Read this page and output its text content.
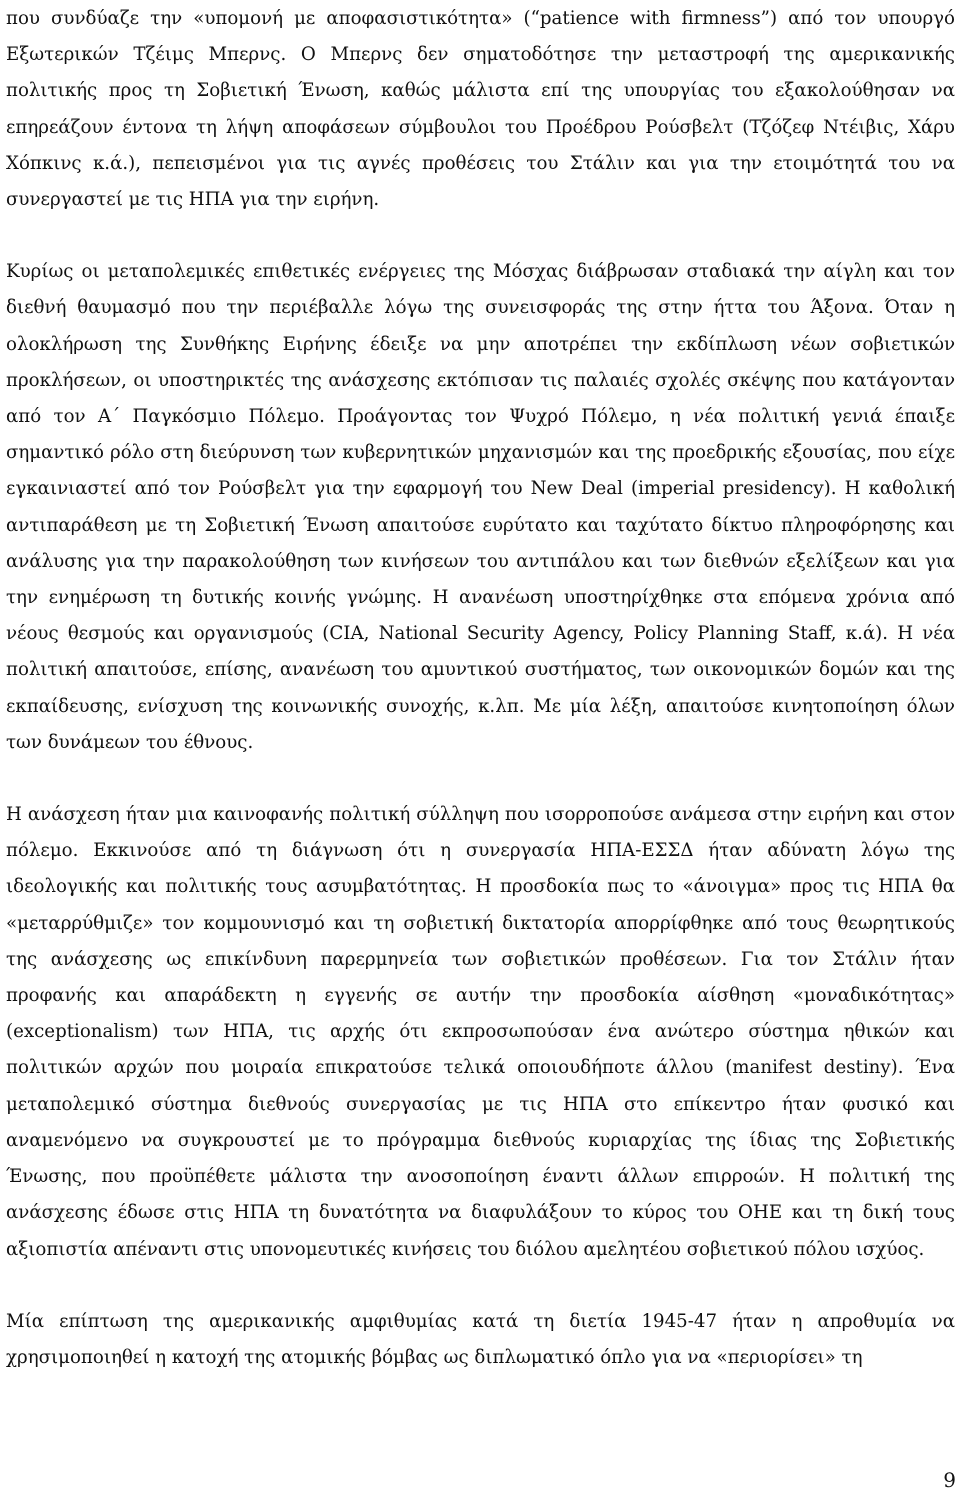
που συνδύαζε την «υπομονή με αποφασιστικότητα» (“patience with firmness”) από τον υπουργό Εξωτερικών Τζέιμς Μπερνς. Ο Μπερνς δεν σηματοδότησε την μεταστροφή της αμερικανικής πολιτικής προς τη Σοβιετική Ένωση, καθώς μάλιστα επί της υπουργίας του εξακολούθησαν να επηρεάζουν έντονα τη λήψη αποφάσεων σύμβουλοι του Προέδρου Ρούσβελτ (Τζόζεφ Ντέιβις, Χάρυ Χόπκινς κ.ά.), πεπεισμένοι για τις αγνές προθέσεις του Στάλιν και για την ετοιμότητά του να συνεργαστεί με τις ΗΠΑ για την ειρήνη.

Κυρίως οι μεταπολεμικές επιθετικές ενέργειες της Μόσχας διάβρωσαν σταδιακά την αίγλη και τον διεθνή θαυμασμό που την περιέβαλλε λόγω της συνεισφοράς της στην ήττα του Άξονα. Όταν η ολοκλήρωση της Συνθήκης Ειρήνης έδειξε να μην αποτρέπει την εκδίπλωση νέων σοβιετικών προκλήσεων, οι υποστηρικτές της ανάσχεσης εκτόπισαν τις παλαιές σχολές σκέψης που κατάγονταν από τον Α΄ Παγκόσμιο Πόλεμο. Προάγοντας τον Ψυχρό Πόλεμο, η νέα πολιτική γενιά έπαιξε σημαντικό ρόλο στη διεύρυνση των κυβερνητικών μηχανισμών και της προεδρικής εξουσίας, που είχε εγκαινιαστεί από τον Ρούσβελτ για την εφαρμογή του New Deal (imperial presidency). Η καθολική αντιπαράθεση με τη Σοβιετική Ένωση απαιτούσε ευρύτατο και ταχύτατο δίκτυο πληροφόρησης και ανάλυσης για την παρακολούθηση των κινήσεων του αντιπάλου και των διεθνών εξελίξεων και για την ενημέρωση τη δυτικής κοινής γνώμης. Η ανανέωση υποστηρίχθηκε στα επόμενα χρόνια από νέους θεσμούς και οργανισμούς (CIA, National Security Agency, Policy Planning Staff, κ.ά). Η νέα πολιτική απαιτούσε, επίσης, ανανέωση του αμυντικού συστήματος, των οικονομικών δομών και της εκπαίδευσης, ενίσχυση της κοινωνικής συνοχής, κ.λπ. Με μία λέξη, απαιτούσε κινητοποίηση όλων των δυνάμεων του έθνους.

Η ανάσχεση ήταν μια καινοφανής πολιτική σύλληψη που ισορροπούσε ανάμεσα στην ειρήνη και στον πόλεμο. Εκκινούσε από τη διάγνωση ότι η συνεργασία ΗΠΑ-ΕΣΣΔ ήταν αδύνατη λόγω της ιδεολογικής και πολιτικής τους ασυμβατότητας. Η προσδοκία πως το «άνοιγμα» προς τις ΗΠΑ θα «μεταρρύθμιζε» τον κομμουνισμό και τη σοβιετική δικτατορία απορρίφθηκε από τους θεωρητικούς της ανάσχεσης ως επικίνδυνη παρερμηνεία των σοβιετικών προθέσεων. Για τον Στάλιν ήταν προφανής και απαράδεκτη η εγγενής σε αυτήν την προσδοκία αίσθηση «μοναδικότητας» (exceptionalism) των ΗΠΑ, τις αρχής ότι εκπροσωπούσαν ένα ανώτερο σύστημα ηθικών και πολιτικών αρχών που μοιραία επικρατούσε τελικά οποιουδήποτε άλλου (manifest destiny). Ένα μεταπολεμικό σύστημα διεθνούς συνεργασίας με τις ΗΠΑ στο επίκεντρο ήταν φυσικό και αναμενόμενο να συγκρουστεί με το πρόγραμμα διεθνούς κυριαρχίας της ίδιας της Σοβιετικής Ένωσης, που προϋπέθετε μάλιστα την ανοσοποίηση έναντι άλλων επιρροών. Η πολιτική της ανάσχεσης έδωσε στις ΗΠΑ τη δυνατότητα να διαφυλάξουν το κύρος του ΟΗΕ και τη δική τους αξιοπιστία απέναντι στις υπονομευτικές κινήσεις του διόλου αμελητέου σοβιετικού πόλου ισχύος.

Μία επίπτωση της αμερικανικής αμφιθυμίας κατά τη διετία 1945-47 ήταν η απροθυμία να χρησιμοποιηθεί η κατοχή της ατομικής βόμβας ως διπλωματικό όπλο για να «περιορίσει» τη

9
